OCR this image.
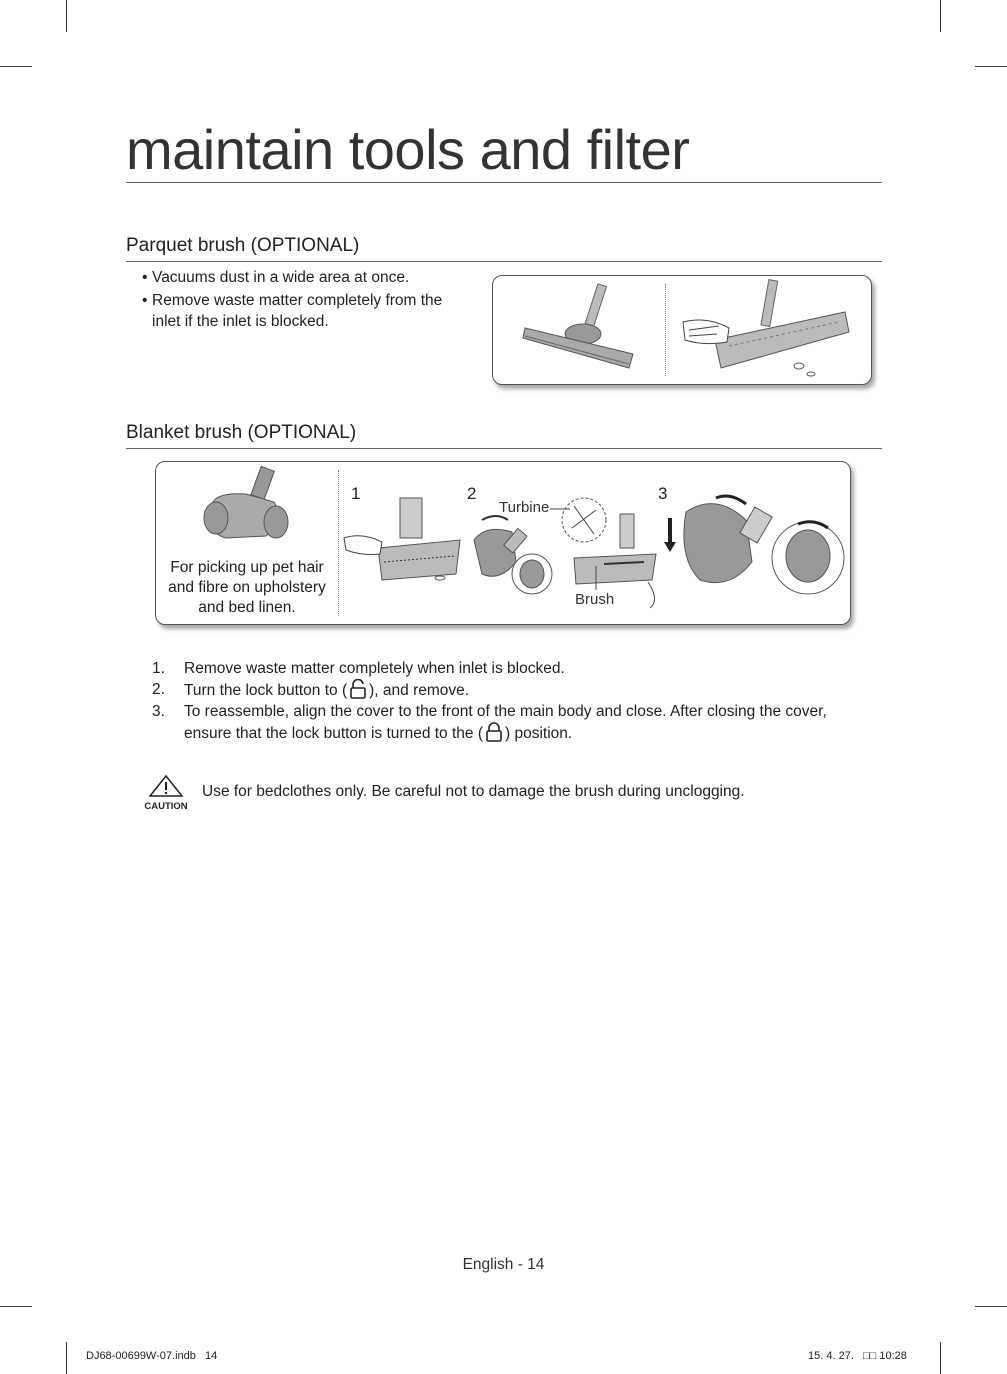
maintain tools and filter
Parquet brush (OPTIONAL)
• Vacuums dust in a wide area at once.
• Remove waste matter completely from the inlet if the inlet is blocked.
Blanket brush (OPTIONAL)
For picking up pet hair and fibre on upholstery and bed linen.
1	2	3
Turbine
Brush
1. Remove waste matter completely when inlet is blocked.
2. Turn the lock button to ( ), and remove.
3. To reassemble, align the cover to the front of the main body and close. After closing the cover,
ensure that the lock button is turned to the ( ) position.
CAUTION
Use for bedclothes only. Be careful not to damage the brush during unclogging.
English - 14
DJ68-00699W-07.indb   14	15. 4. 27.   □□ 10:28
